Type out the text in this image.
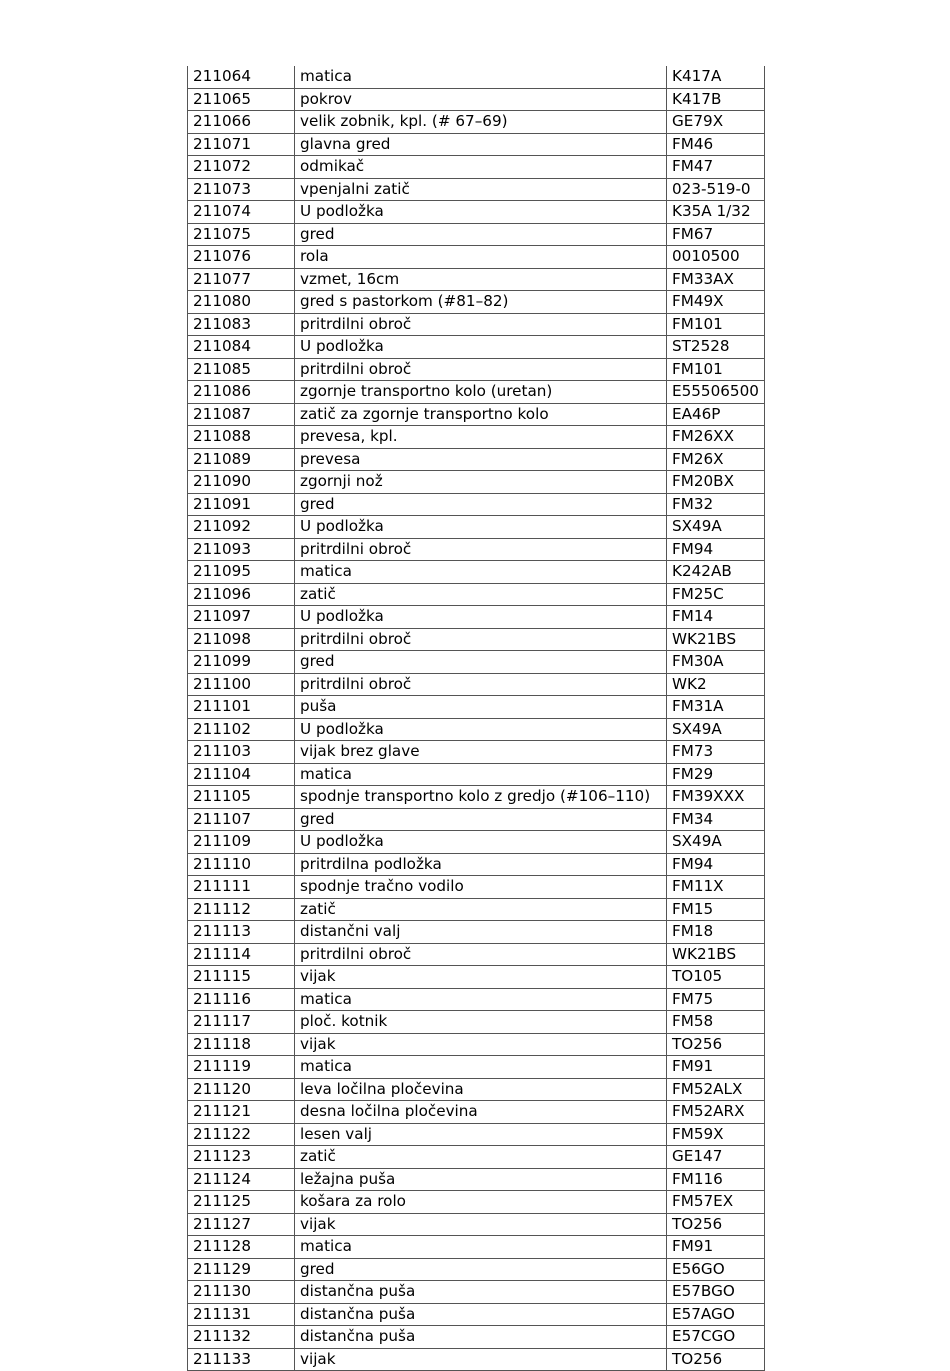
211064	matica	K417A
211065	pokrov	K417B
211066	velik zobnik, kpl. (# 67–69)	GE79X
211071	glavna gred	FM46
211072	odmikač	FM47
211073	vpenjalni zatič	023-519-0
211074	U podložka	K35A 1/32
211075	gred	FM67
211076	rola	0010500
211077	vzmet, 16cm	FM33AX
211080	gred s pastorkom (#81–82)	FM49X
211083	pritrdilni obroč	FM101
211084	U podložka	ST2528
211085	pritrdilni obroč	FM101
211086	zgornje transportno kolo (uretan)	E55506500
211087	zatič za zgornje transportno kolo	EA46P
211088	prevesa, kpl.	FM26XX
211089	prevesa	FM26X
211090	zgornji nož	FM20BX
211091	gred	FM32
211092	U podložka	SX49A
211093	pritrdilni obroč	FM94
211095	matica	K242AB
211096	zatič	FM25C
211097	U podložka	FM14
211098	pritrdilni obroč	WK21BS
211099	gred	FM30A
211100	pritrdilni obroč	WK2
211101	puša	FM31A
211102	U podložka	SX49A
211103	vijak brez glave	FM73
211104	matica	FM29
211105	spodnje transportno kolo z gredjo (#106–110)	FM39XXX
211107	gred	FM34
211109	U podložka	SX49A
211110	pritrdilna podložka	FM94
211111	spodnje tračno vodilo	FM11X
211112	zatič	FM15
211113	distančni valj	FM18
211114	pritrdilni obroč	WK21BS
211115	vijak	TO105
211116	matica	FM75
211117	ploč. kotnik	FM58
211118	vijak	TO256
211119	matica	FM91
211120	leva ločilna pločevina	FM52ALX
211121	desna ločilna pločevina	FM52ARX
211122	lesen valj	FM59X
211123	zatič	GE147
211124	ležajna puša	FM116
211125	košara za rolo	FM57EX
211127	vijak	TO256
211128	matica	FM91
211129	gred	E56GO
211130	distančna puša	E57BGO
211131	distančna puša	E57AGO
211132	distančna puša	E57CGO
211133	vijak	TO256
